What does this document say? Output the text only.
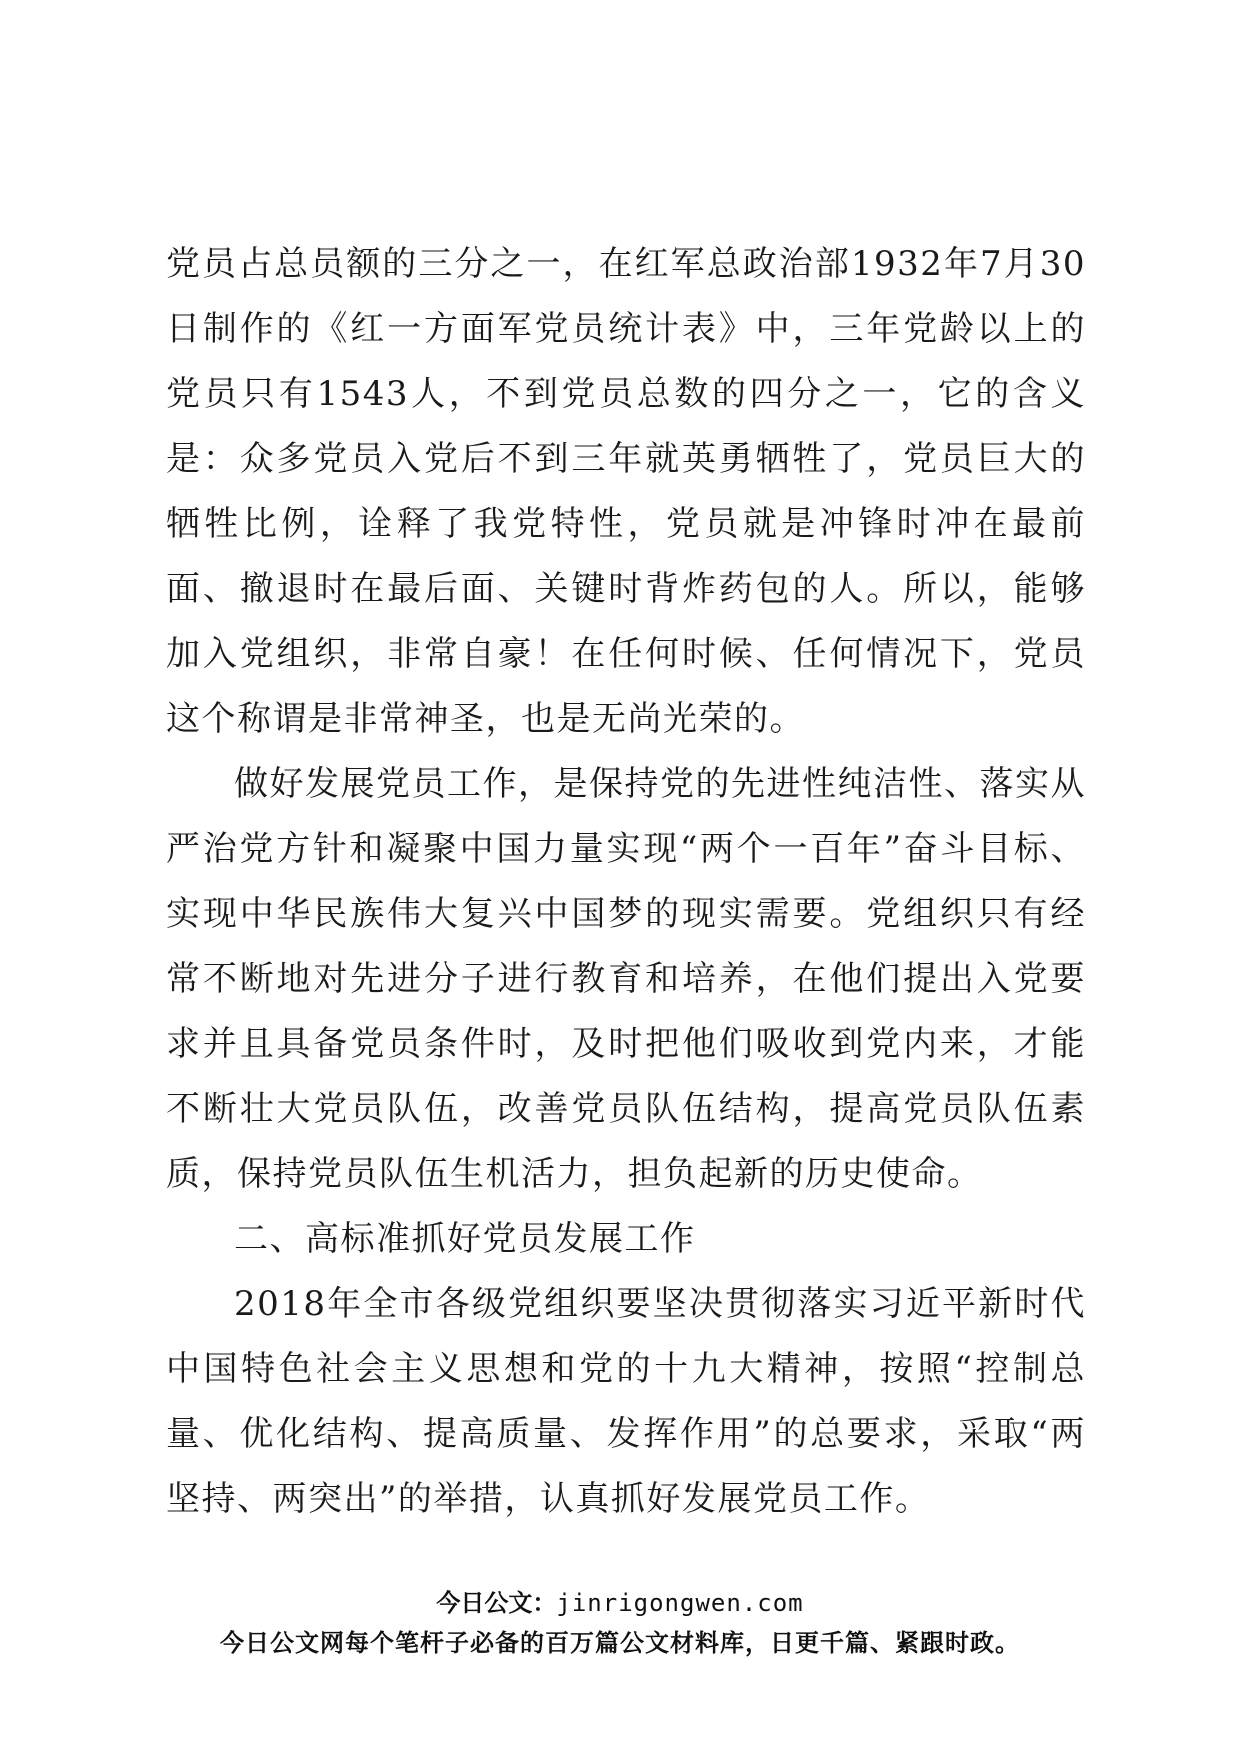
党员占总员额的三分之一，在红军总政治部1932年7月30日制作的《红一方面军党员统计表》中，三年党龄以上的党员只有1543人，不到党员总数的四分之一，它的含义是：众多党员入党后不到三年就英勇牺牲了，党员巨大的牺牲比例，诠释了我党特性，党员就是冲锋时冲在最前面、撤退时在最后面、关键时背炸药包的人。所以，能够加入党组织，非常自豪！在任何时候、任何情况下，党员这个称谓是非常神圣，也是无尚光荣的。

做好发展党员工作，是保持党的先进性纯洁性、落实从严治党方针和凝聚中国力量实现“两个一百年”奋斗目标、实现中华民族伟大复兴中国梦的现实需要。党组织只有经常不断地对先进分子进行教育和培养，在他们提出入党要求并且具备党员条件时，及时把他们吸收到党内来，才能不断壮大党员队伍，改善党员队伍结构，提高党员队伍素质，保持党员队伍生机活力，担负起新的历史使命。

二、高标准抓好党员发展工作

2018年全市各级党组织要坚决贯彻落实习近平新时代中国特色社会主义思想和党的十九大精神，按照“控制总量、优化结构、提高质量、发挥作用”的总要求，采取“两坚持、两突出”的举措，认真抓好发展党员工作。

今日公文：jinrigongwen.com
今日公文网每个笔杆子必备的百万篇公文材料库，日更千篇、紧跟时政。
